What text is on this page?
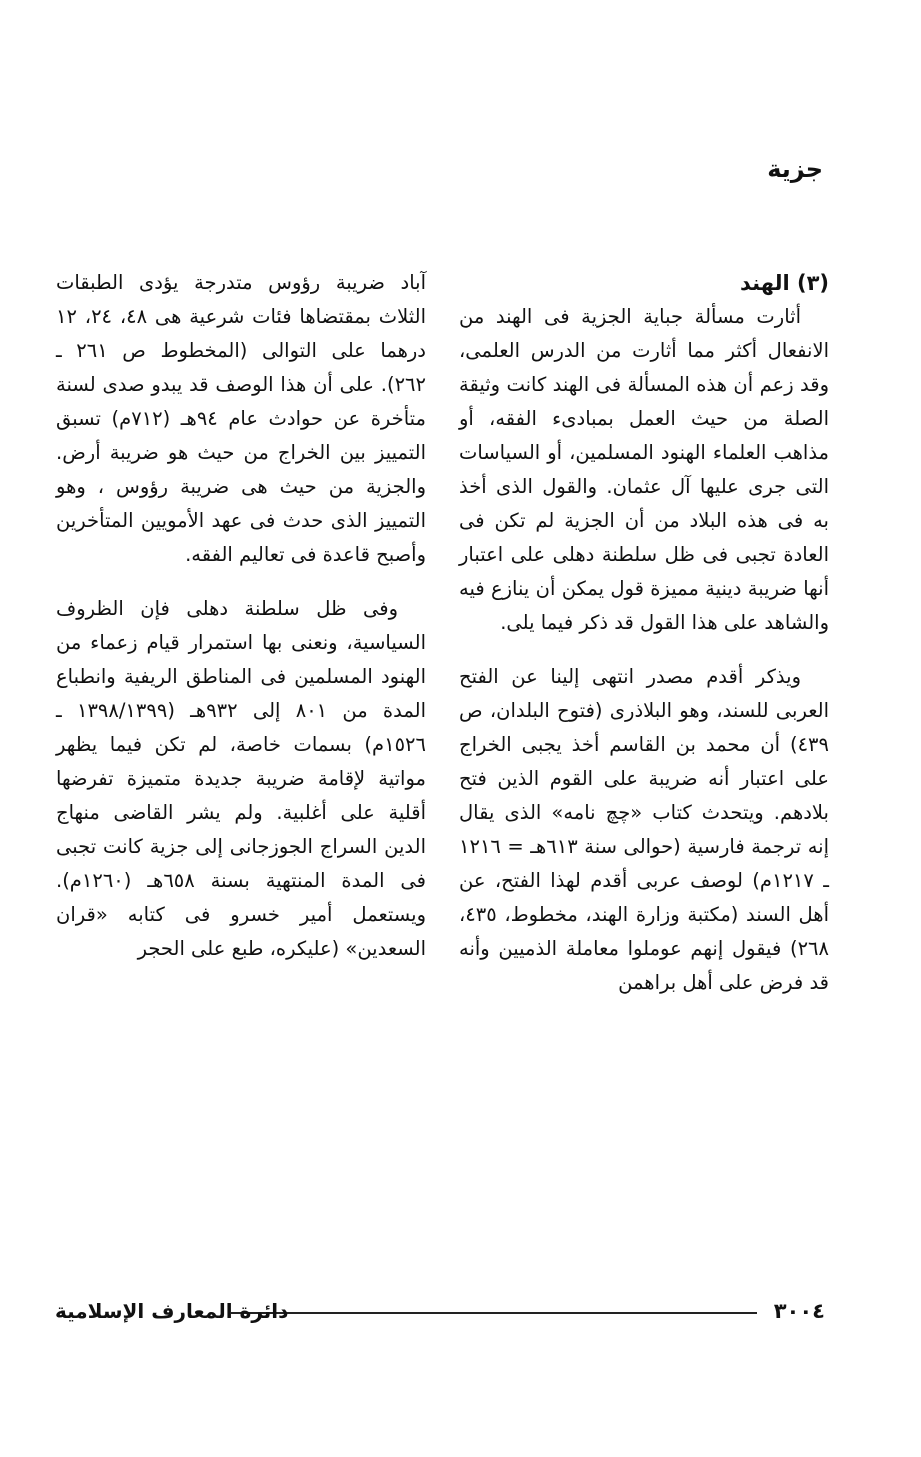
جزية

(٣) الهند

أثارت مسألة جباية الجزية فى الهند من الانفعال أكثر مما أثارت من الدرس العلمى، وقد زعم أن هذه المسألة فى الهند كانت وثيقة الصلة من حيث العمل بمبادىء الفقه، أو مذاهب العلماء الهنود المسلمين، أو السياسات التى جرى عليها آل عثمان. والقول الذى أخذ به فى هذه البلاد من أن الجزية لم تكن فى العادة تجبى فى ظل سلطنة دهلى على اعتبار أنها ضريبة دينية مميزة قول يمكن أن ينازع فيه والشاهد على هذا القول قد ذكر فيما يلى.

ويذكر أقدم مصدر انتهى إلينا عن الفتح العربى للسند، وهو البلاذرى (فتوح البلدان، ص ٤٣٩) أن محمد بن القاسم أخذ يجبى الخراج على اعتبار أنه ضريبة على القوم الذين فتح بلادهم. ويتحدث كتاب «چچ نامه» الذى يقال إنه ترجمة فارسية (حوالى سنة ٦١٣هـ = ١٢١٦ ـ ١٢١٧م) لوصف عربى أقدم لهذا الفتح، عن أهل السند (مكتبة وزارة الهند، مخطوط، ٤٣٥، ٢٦٨) فيقول إنهم عوملوا معاملة الذميين وأنه قد فرض على أهل براهمن

آباد ضريبة رؤوس متدرجة يؤدى الطبقات الثلاث بمقتضاها فئات شرعية هى ٤٨، ٢٤، ١٢ درهما على التوالى (المخطوط ص ٢٦١ ـ ٢٦٢). على أن هذا الوصف قد يبدو صدى لسنة متأخرة عن حوادث عام ٩٤هـ (٧١٢م) تسبق التمييز بين الخراج من حيث هو ضريبة أرض. والجزية من حيث هى ضريبة رؤوس ، وهو التمييز الذى حدث فى عهد الأمويين المتأخرين وأصبح قاعدة فى تعاليم الفقه.

وفى ظل سلطنة دهلى فإن الظروف السياسية، ونعنى بها استمرار قيام زعماء من الهنود المسلمين فى المناطق الريفية وانطباع المدة من ٨٠١ إلى ٩٣٢هـ (١٣٩٨/١٣٩٩ ـ ١٥٢٦م) بسمات خاصة، لم تكن فيما يظهر مواتية لإقامة ضريبة جديدة متميزة تفرضها أقلية على أغلبية. ولم يشر القاضى منهاج الدين السراج الجوزجانى إلى جزية كانت تجبى فى المدة المنتهية بسنة ٦٥٨هـ (١٢٦٠م). ويستعمل أمير خسرو فى كتابه «قران السعدين» (عليكره، طبع على الحجر

٣٠٠٤
دائرة المعارف الإسلامية
